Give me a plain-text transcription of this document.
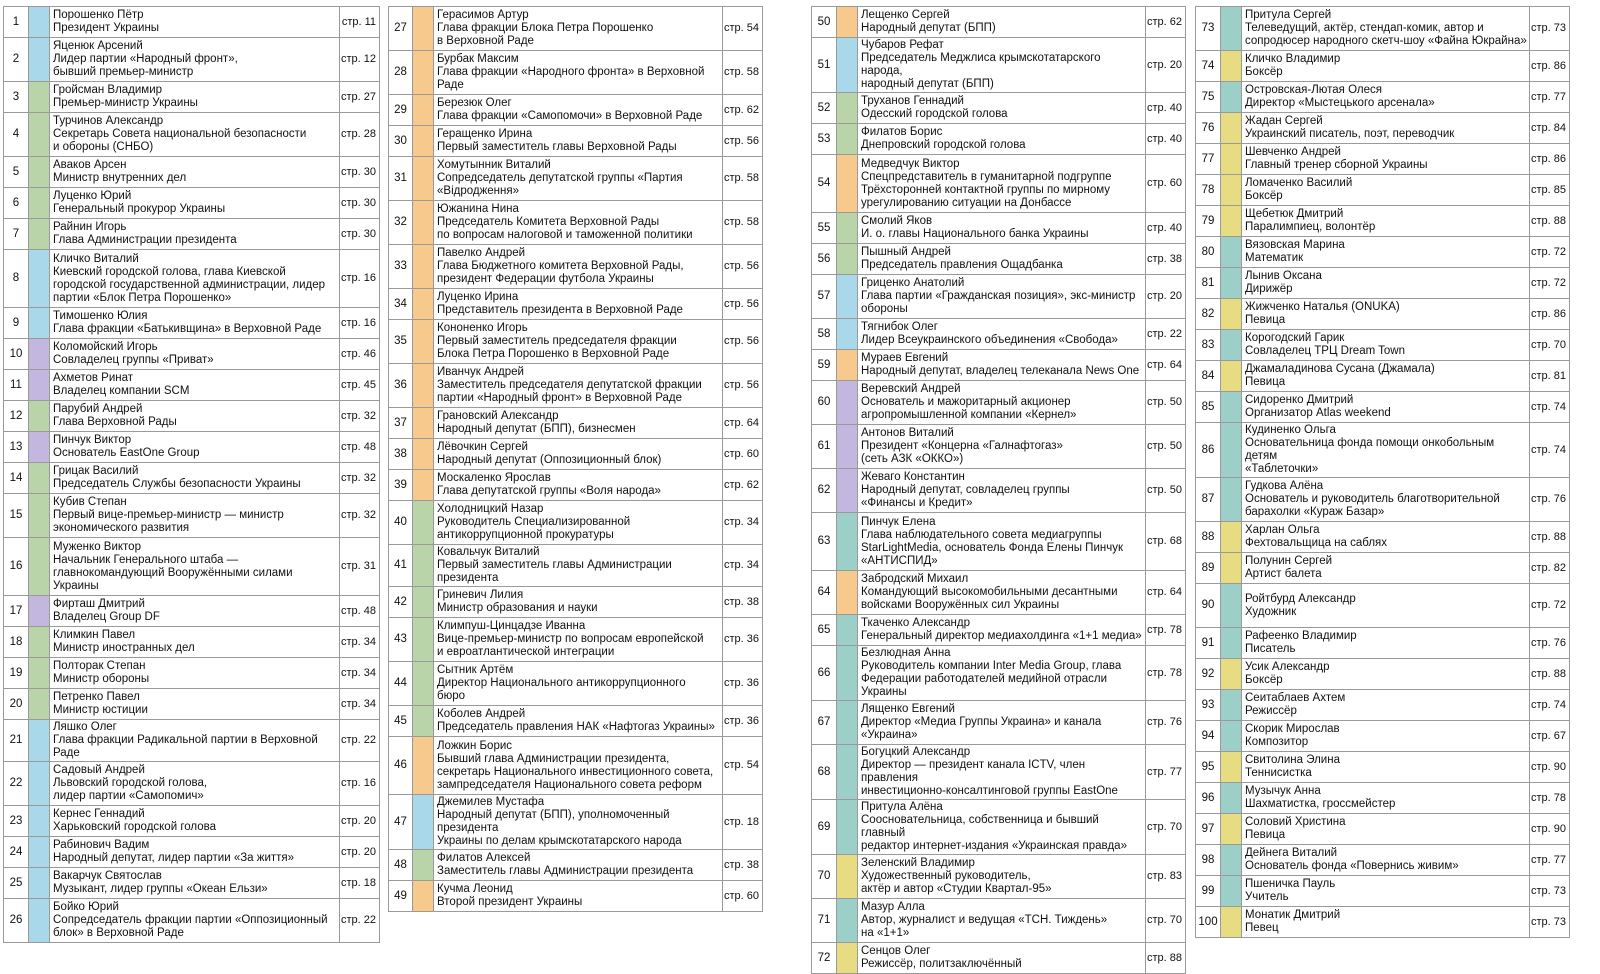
1		Порошенко Пётр
Президент Украины	стр. 11
2		Яценюк Арсений
Лидер партии «Народный фронт»,
бывший премьер-министр	стр. 12
3		Гройсман Владимир
Премьер-министр Украины	стр. 27
4		Турчинов Александр
Секретарь Совета национальной безопасности
и обороны (СНБО)	стр. 28
5		Аваков Арсен
Министр внутренних дел	стр. 30
6		Луценко Юрий
Генеральный прокурор Украины	стр. 30
7		Райнин Игорь
Глава Администрации президента	стр. 30
8		Кличко Виталий
Киевский городской голова, глава Киевской
городской государственной администрации, лидер
партии «Блок Петра Порошенко»	стр. 16
9		Тимошенко Юлия
Глава фракции «Батькивщина» в Верховной Раде	стр. 16
10		Коломойский Игорь
Совладелец группы «Приват»	стр. 46
11		Ахметов Ринат
Владелец компании SCM	стр. 45
12		Парубий Андрей
Глава Верховной Рады	стр. 32
13		Пинчук Виктор
Основатель EastOne Group	стр. 48
14		Грицак Василий
Председатель Службы безопасности Украины	стр. 32
15		Кубив Степан
Первый вице-премьер-министр — министр
экономического развития	стр. 32
16		Муженко Виктор
Начальник Генерального штаба —
главнокомандующий Вооружёнными силами
Украины	стр. 31
17		Фирташ Дмитрий
Владелец Group DF	стр. 48
18		Климкин Павел
Министр иностранных дел	стр. 34
19		Полторак Степан
Министр обороны	стр. 34
20		Петренко Павел
Министр юстиции	стр. 34
21		Ляшко Олег
Глава фракции Радикальной партии в Верховной Раде	стр. 22
22		Садовый Андрей
Львовский городской голова,
лидер партии «Самопомич»	стр. 16
23		Кернес Геннадий
Харьковский городской голова	стр. 20
24		Рабинович Вадим
Народный депутат, лидер партии «За життя»	стр. 20
25		Вакарчук Святослав
Музыкант, лидер группы «Океан Ельзи»	стр. 18
26		Бойко Юрий
Сопредседатель фракции партии «Оппозиционный
блок» в Верховной Раде	стр. 22
27		Герасимов Артур
Глава фракции Блока Петра Порошенко
в Верховной Раде	стр. 54
28		Бурбак Максим
Глава фракции «Народного фронта» в Верховной
Раде	стр. 58
29		Березюк Олег
Глава фракции «Самопомочи» в Верховной Раде	стр. 62
30		Геращенко Ирина
Первый заместитель главы Верховной Рады	стр. 56
31		Хомутынник Виталий
Сопредседатель депутатской группы «Партия
«Відродження»	стр. 58
32		Южанина Нина
Председатель Комитета Верховной Рады
по вопросам налоговой и таможенной политики	стр. 58
33		Павелко Андрей
Глава Бюджетного комитета Верховной Рады,
президент Федерации футбола Украины	стр. 56
34		Луценко Ирина
Представитель президента в Верховной Раде	стр. 56
35		Кононенко Игорь
Первый заместитель председателя фракции
Блока Петра Порошенко в Верховной Раде	стр. 56
36		Иванчук Андрей
Заместитель председателя депутатской фракции
партии «Народный фронт» в Верховной Раде	стр. 56
37		Грановский Александр
Народный депутат (БПП), бизнесмен	стр. 64
38		Лёвочкин Сергей
Народный депутат (Оппозиционный блок)	стр. 60
39		Москаленко Ярослав
Глава депутатской группы «Воля народа»	стр. 62
40		Холодницкий Назар
Руководитель Специализированной
антикоррупционной прокуратуры	стр. 34
41		Ковальчук Виталий
Первый заместитель главы Администрации президента	стр. 34
42		Гриневич Лилия
Министр образования и науки	стр. 38
43		Климпуш-Цинцадзе Иванна
Вице-премьер-министр по вопросам европейской
и евроатлантической интеграции	стр. 36
44		Сытник Артём
Директор Национального антикоррупционного
бюро	стр. 36
45		Коболев Андрей
Председатель правления НАК «Нафтогаз Украины»	стр. 36
46		Ложкин Борис
Бывший глава Администрации президента,
секретарь Национального инвестиционного совета,
зампредседателя Национального совета реформ	стр. 54
47		Джемилев Мустафа
Народный депутат (БПП), уполномоченный президента
Украины по делам крымскотатарского народа	стр. 18
48		Филатов Алексей
Заместитель главы Администрации президента	стр. 38
49		Кучма Леонид
Второй президент Украины	стр. 60
50		Лещенко Сергей
Народный депутат (БПП)	стр. 62
51		Чубаров Рефат
Председатель Меджлиса крымскотатарского народа,
народный депутат (БПП)	стр. 20
52		Труханов Геннадий
Одесский городской голова	стр. 40
53		Филатов Борис
Днепровский городской голова	стр. 40
54		Медведчук Виктор
Спецпредставитель в гуманитарной подгруппе
Трёхсторонней контактной группы по мирному
урегулированию ситуации на Донбассе	стр. 60
55		Смолий Яков
И. о. главы Национального банка Украины	стр. 40
56		Пышный Андрей
Председатель правления Ощадбанка	стр. 38
57		Гриценко Анатолий
Глава партии «Гражданская позиция», экс-министр
обороны	стр. 20
58		Тягнибок Олег
Лидер Всеукраинского объединения «Свобода»	стр. 22
59		Мураев Евгений
Народный депутат, владелец телеканала News One	стр. 64
60		Веревский Андрей
Основатель и мажоритарный акционер
агропромышленной компании «Кернел»	стр. 50
61		Антонов Виталий
Президент «Концерна «Галнафтогаз»
(сеть АЗК «ОККО»)	стр. 50
62		Жеваго Константин
Народный депутат, совладелец группы
«Финансы и Кредит»	стр. 50
63		Пинчук Елена
Глава наблюдательного совета медиагруппы
StarLightMedia, основатель Фонда Елены Пинчук
«АНТИСПИД»	стр. 68
64		Забродский Михаил
Командующий высокомобильными десантными
войсками Вооружённых сил Украины	стр. 64
65		Ткаченко Александр
Генеральный директор медиахолдинга «1+1 медиа»	стр. 78
66		Безлюдная Анна
Руководитель компании Inter Media Group, глава
Федерации работодателей медийной отрасли Украины	стр. 78
67		Лященко Евгений
Директор «Медиа Группы Украина» и канала
«Украина»	стр. 76
68		Богуцкий Александр
Директор — президент канала ICTV, член правления
инвестиционно-консалтинговой группы EastOne	стр. 77
69		Притула Алёна
Соосновательница, собственница и бывший главный
редактор интернет-издания «Украинская правда»	стр. 70
70		Зеленский Владимир
Художественный руководитель,
актёр и автор «Студии Квартал-95»	стр. 83
71		Мазур Алла
Автор, журналист и ведущая «ТСН. Тиждень»
на «1+1»	стр. 70
72		Сенцов Олег
Режиссёр, политзаключённый	стр. 88
73		Притула Сергей
Телеведущий, актёр, стендап-комик, автор и
сопродюсер народного скетч-шоу «Файна Юкрайна»	стр. 73
74		Кличко Владимир
Боксёр	стр. 86
75		Островская-Лютая Олеся
Директор «Мыстецького арсенала»	стр. 77
76		Жадан Сергей
Украинский писатель, поэт, переводчик	стр. 84
77		Шевченко Андрей
Главный тренер сборной Украины	стр. 86
78		Ломаченко Василий
Боксёр	стр. 85
79		Щебетюк Дмитрий
Паралимпиец, волонтёр	стр. 88
80		Вязовская Марина
Математик	стр. 72
81		Лынив Оксана
Дирижёр	стр. 72
82		Жижченко Наталья (ONUKA)
Певица	стр. 86
83		Корогодский Гарик
Совладелец ТРЦ Dream Town	стр. 70
84		Джамаладинова Сусана (Джамала)
Певица	стр. 81
85		Сидоренко Дмитрий
Организатор Atlas weekend	стр. 74
86		Кудиненко Ольга
Основательница фонда помощи онкобольным детям
«Таблеточки»	стр. 74
87		Гудкова Алёна
Основатель и руководитель благотворительной
барахолки «Кураж Базар»	стр. 76
88		Харлан Ольга
Фехтовальщица на саблях	стр. 88
89		Полунин Сергей
Артист балета	стр. 82
90		Ройтбурд Александр
Художник	стр. 72
91		Рафеенко Владимир
Писатель	стр. 76
92		Усик Александр
Боксёр	стр. 88
93		Сеитаблаев Ахтем
Режиссёр	стр. 74
94		Скорик Мирослав
Композитор	стр. 67
95		Свитолина Элина
Теннисистка	стр. 90
96		Музычук Анна
Шахматистка, гроссмейстер	стр. 78
97		Соловий Христина
Певица	стр. 90
98		Дейнега Виталий
Основатель фонда «Повернись живим»	стр. 77
99		Пшеничка Пауль
Учитель	стр. 73
100		Монатик Дмитрий
Певец	стр. 73
